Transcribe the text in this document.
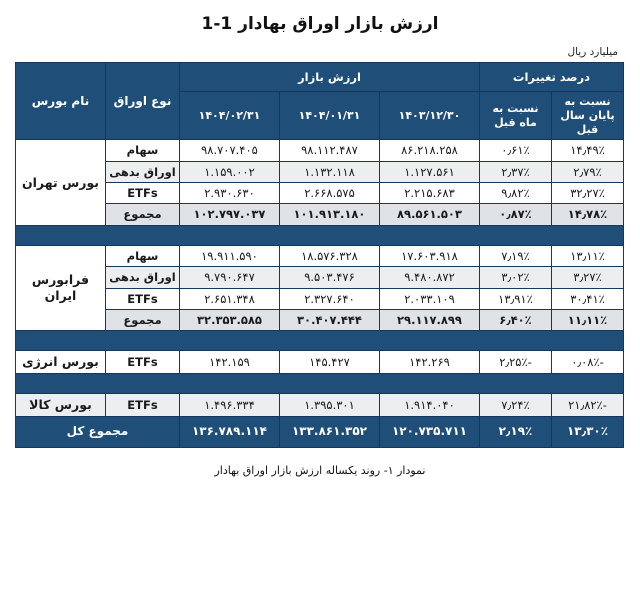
ارزش بازار اوراق بهادار 1-1
میلیارد ریال
درصد تغییرات		ارزش بازار			نوع اوراق	نام بورس
نسبت به پایان سال قبل	نسبت به ماه قبل	۱۴۰۳/۱۲/۳۰	۱۴۰۴/۰۱/۳۱	۱۴۰۴/۰۲/۳۱		
۱۴٫۴۹٪	۰٫۶۱٪	۸۶.۲۱۸.۲۵۸	۹۸.۱۱۲.۴۸۷	۹۸.۷۰۷.۴۰۵	سهام	بورس تهران
۲٫۷۹٪	۲٫۳۷٪	۱.۱۲۷.۵۶۱	۱.۱۳۲.۱۱۸	۱.۱۵۹.۰۰۲	اوراق بدهی	
۳۲٫۲۷٪	۹٫۸۲٪	۲.۲۱۵.۶۸۳	۲.۶۶۸.۵۷۵	۲.۹۳۰.۶۳۰	ETFs	
۱۴٫۷۸٪	۰٫۸۷٪	۸۹.۵۶۱.۵۰۳	۱۰۱.۹۱۳.۱۸۰	۱۰۲.۷۹۷.۰۳۷	مجموع	

۱۳٫۱۱٪	۷٫۱۹٪	۱۷.۶۰۳.۹۱۸	۱۸.۵۷۶.۳۲۸	۱۹.۹۱۱.۵۹۰	سهام	فرابورس ایران
۳٫۲۷٪	۳٫۰۲٪	۹.۴۸۰.۸۷۲	۹.۵۰۳.۴۷۶	۹.۷۹۰.۶۴۷	اوراق بدهی	
۳۰٫۴۱٪	۱۳٫۹۱٪	۲.۰۳۳.۱۰۹	۲.۳۲۷.۶۴۰	۲.۶۵۱.۳۴۸	ETFs	
۱۱٫۱۱٪	۶٫۴۰٪	۲۹.۱۱۷.۸۹۹	۳۰.۴۰۷.۴۴۴	۳۲.۳۵۳.۵۸۵	مجموع	

-۰٫۰۸٪	-۲٫۲۵٪	۱۴۲.۲۶۹	۱۴۵.۴۲۷	۱۴۲.۱۵۹	ETFs	بورس انرژی

-۲۱٫۸۲٪	۷٫۲۴٪	۱.۹۱۴.۰۴۰	۱.۳۹۵.۳۰۱	۱.۴۹۶.۳۳۴	ETFs	بورس کالا
۱۳٫۳۰٪	۲٫۱۹٪	۱۲۰.۷۳۵.۷۱۱	۱۳۳.۸۶۱.۳۵۲	۱۳۶.۷۸۹.۱۱۴	مجموع کل	
نمودار ۱- روند یکساله ارزش بازار اوراق بهادار
